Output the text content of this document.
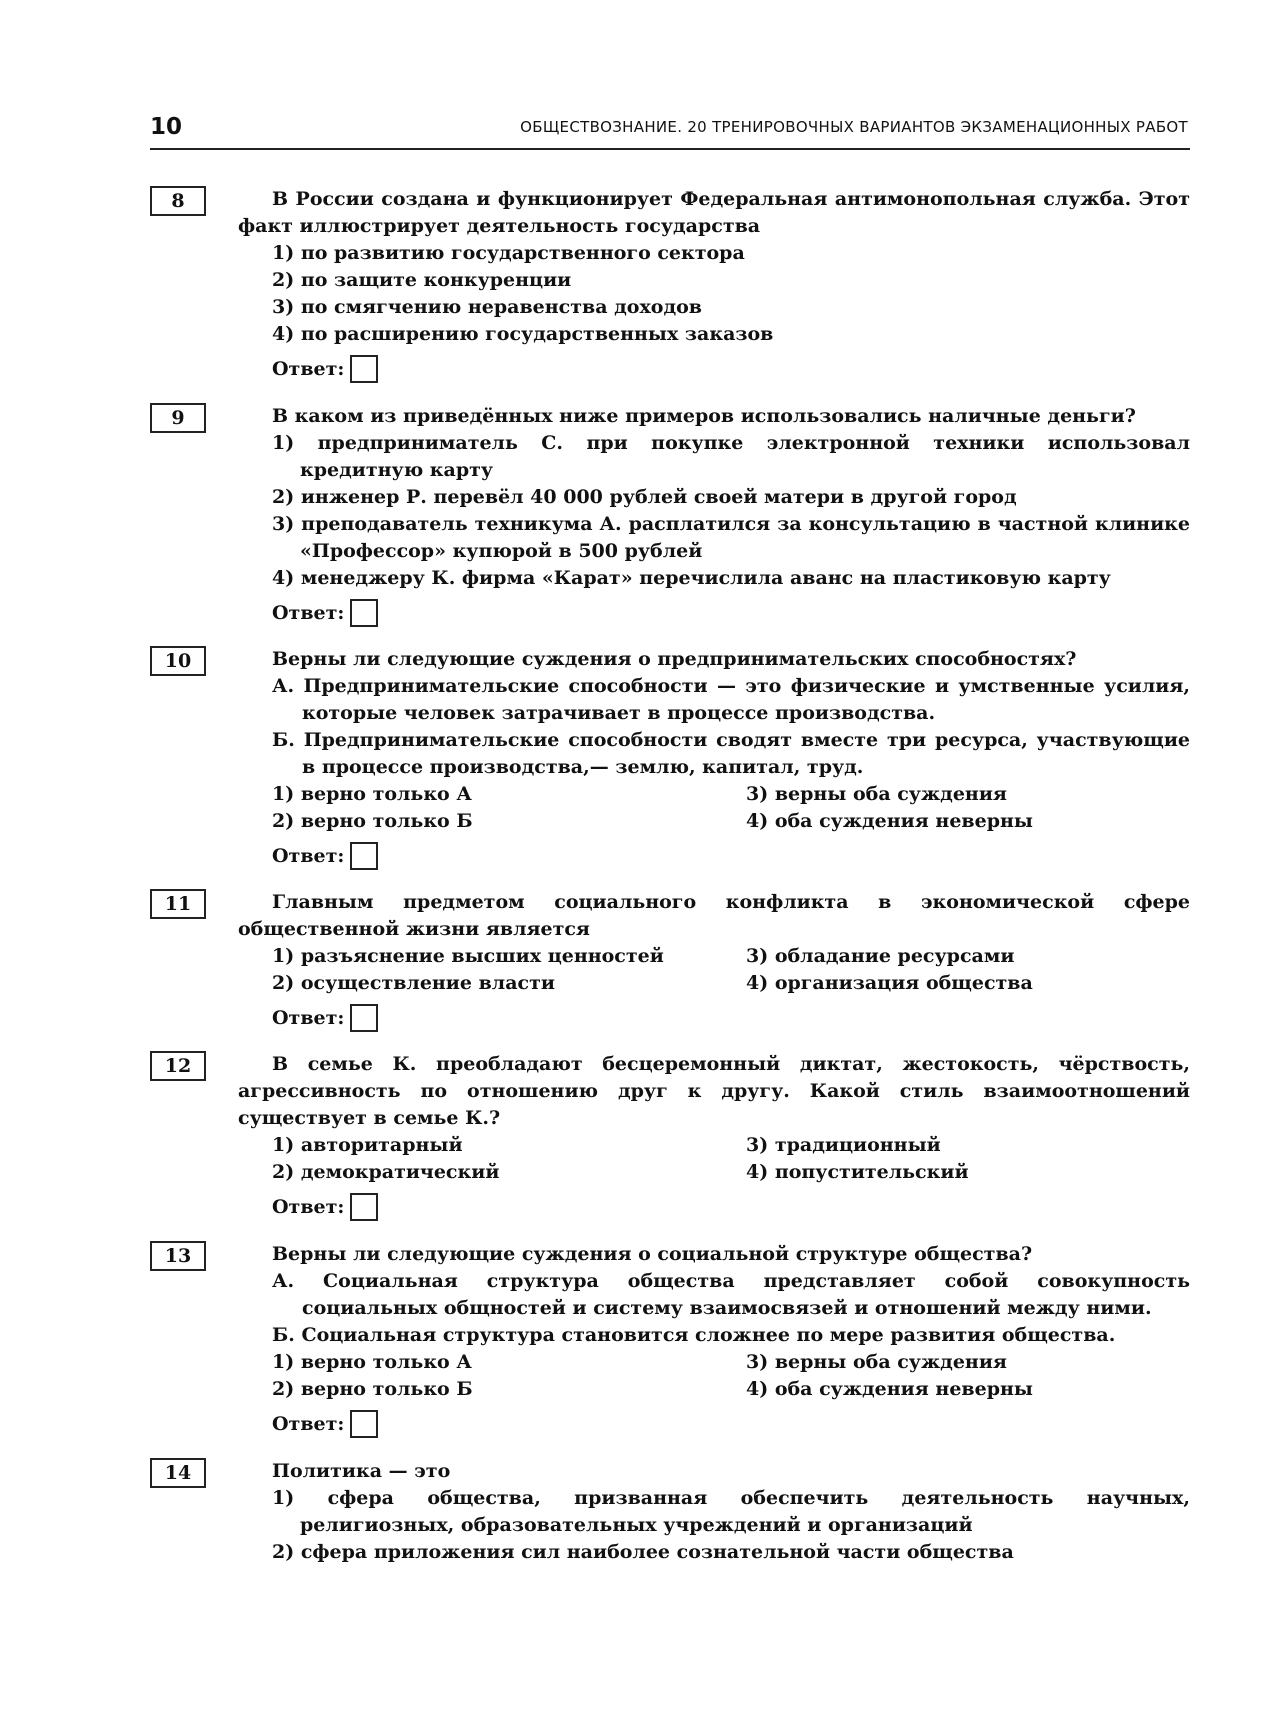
10	ОБЩЕСТВОЗНАНИЕ. 20 ТРЕНИРОВОЧНЫХ ВАРИАНТОВ ЭКЗАМЕНАЦИОННЫХ РАБОТ
8	В России создана и функционирует Федеральная антимонопольная служба. Этот факт иллюстрирует деятельность государства

1) по развитию государственного сектора

2) по защите конкуренции

3) по смягчению неравенства доходов

4) по расширению государственных заказов

Ответ:
9	В каком из приведённых ниже примеров использовались наличные деньги?

1) предприниматель С. при покупке электронной техники использовал кредитную карту

2) инженер Р. перевёл 40 000 рублей своей матери в другой город

3) преподаватель техникума А. расплатился за консультацию в частной клинике «Профессор» купюрой в 500 рублей

4) менеджеру К. фирма «Карат» перечислила аванс на пластиковую карту

Ответ:
10	Верны ли следующие суждения о предпринимательских способностях?

А. Предпринимательские способности — это физические и умственные усилия, которые человек затрачивает в процессе производства.

Б. Предпринимательские способности сводят вместе три ресурса, участвующие в процессе производства,— землю, капитал, труд.

1) верно только А	3) верны оба суждения

2) верно только Б	4) оба суждения неверны

Ответ:
11	Главным предметом социального конфликта в экономической сфере общественной жизни является

1) разъяснение высших ценностей	3) обладание ресурсами

2) осуществление власти	4) организация общества

Ответ:
12	В семье К. преобладают бесцеремонный диктат, жестокость, чёрствость, агрессивность по отношению друг к другу. Какой стиль взаимоотношений существует в семье К.?

1) авторитарный	3) традиционный

2) демократический	4) попустительский

Ответ:
13	Верны ли следующие суждения о социальной структуре общества?

А. Социальная структура общества представляет собой совокупность социальных общностей и систему взаимосвязей и отношений между ними.

Б. Социальная структура становится сложнее по мере развития общества.

1) верно только А	3) верны оба суждения

2) верно только Б	4) оба суждения неверны

Ответ:
14	Политика — это

1) сфера общества, призванная обеспечить деятельность научных, религиозных, образовательных учреждений и организаций

2) сфера приложения сил наиболее сознательной части общества
